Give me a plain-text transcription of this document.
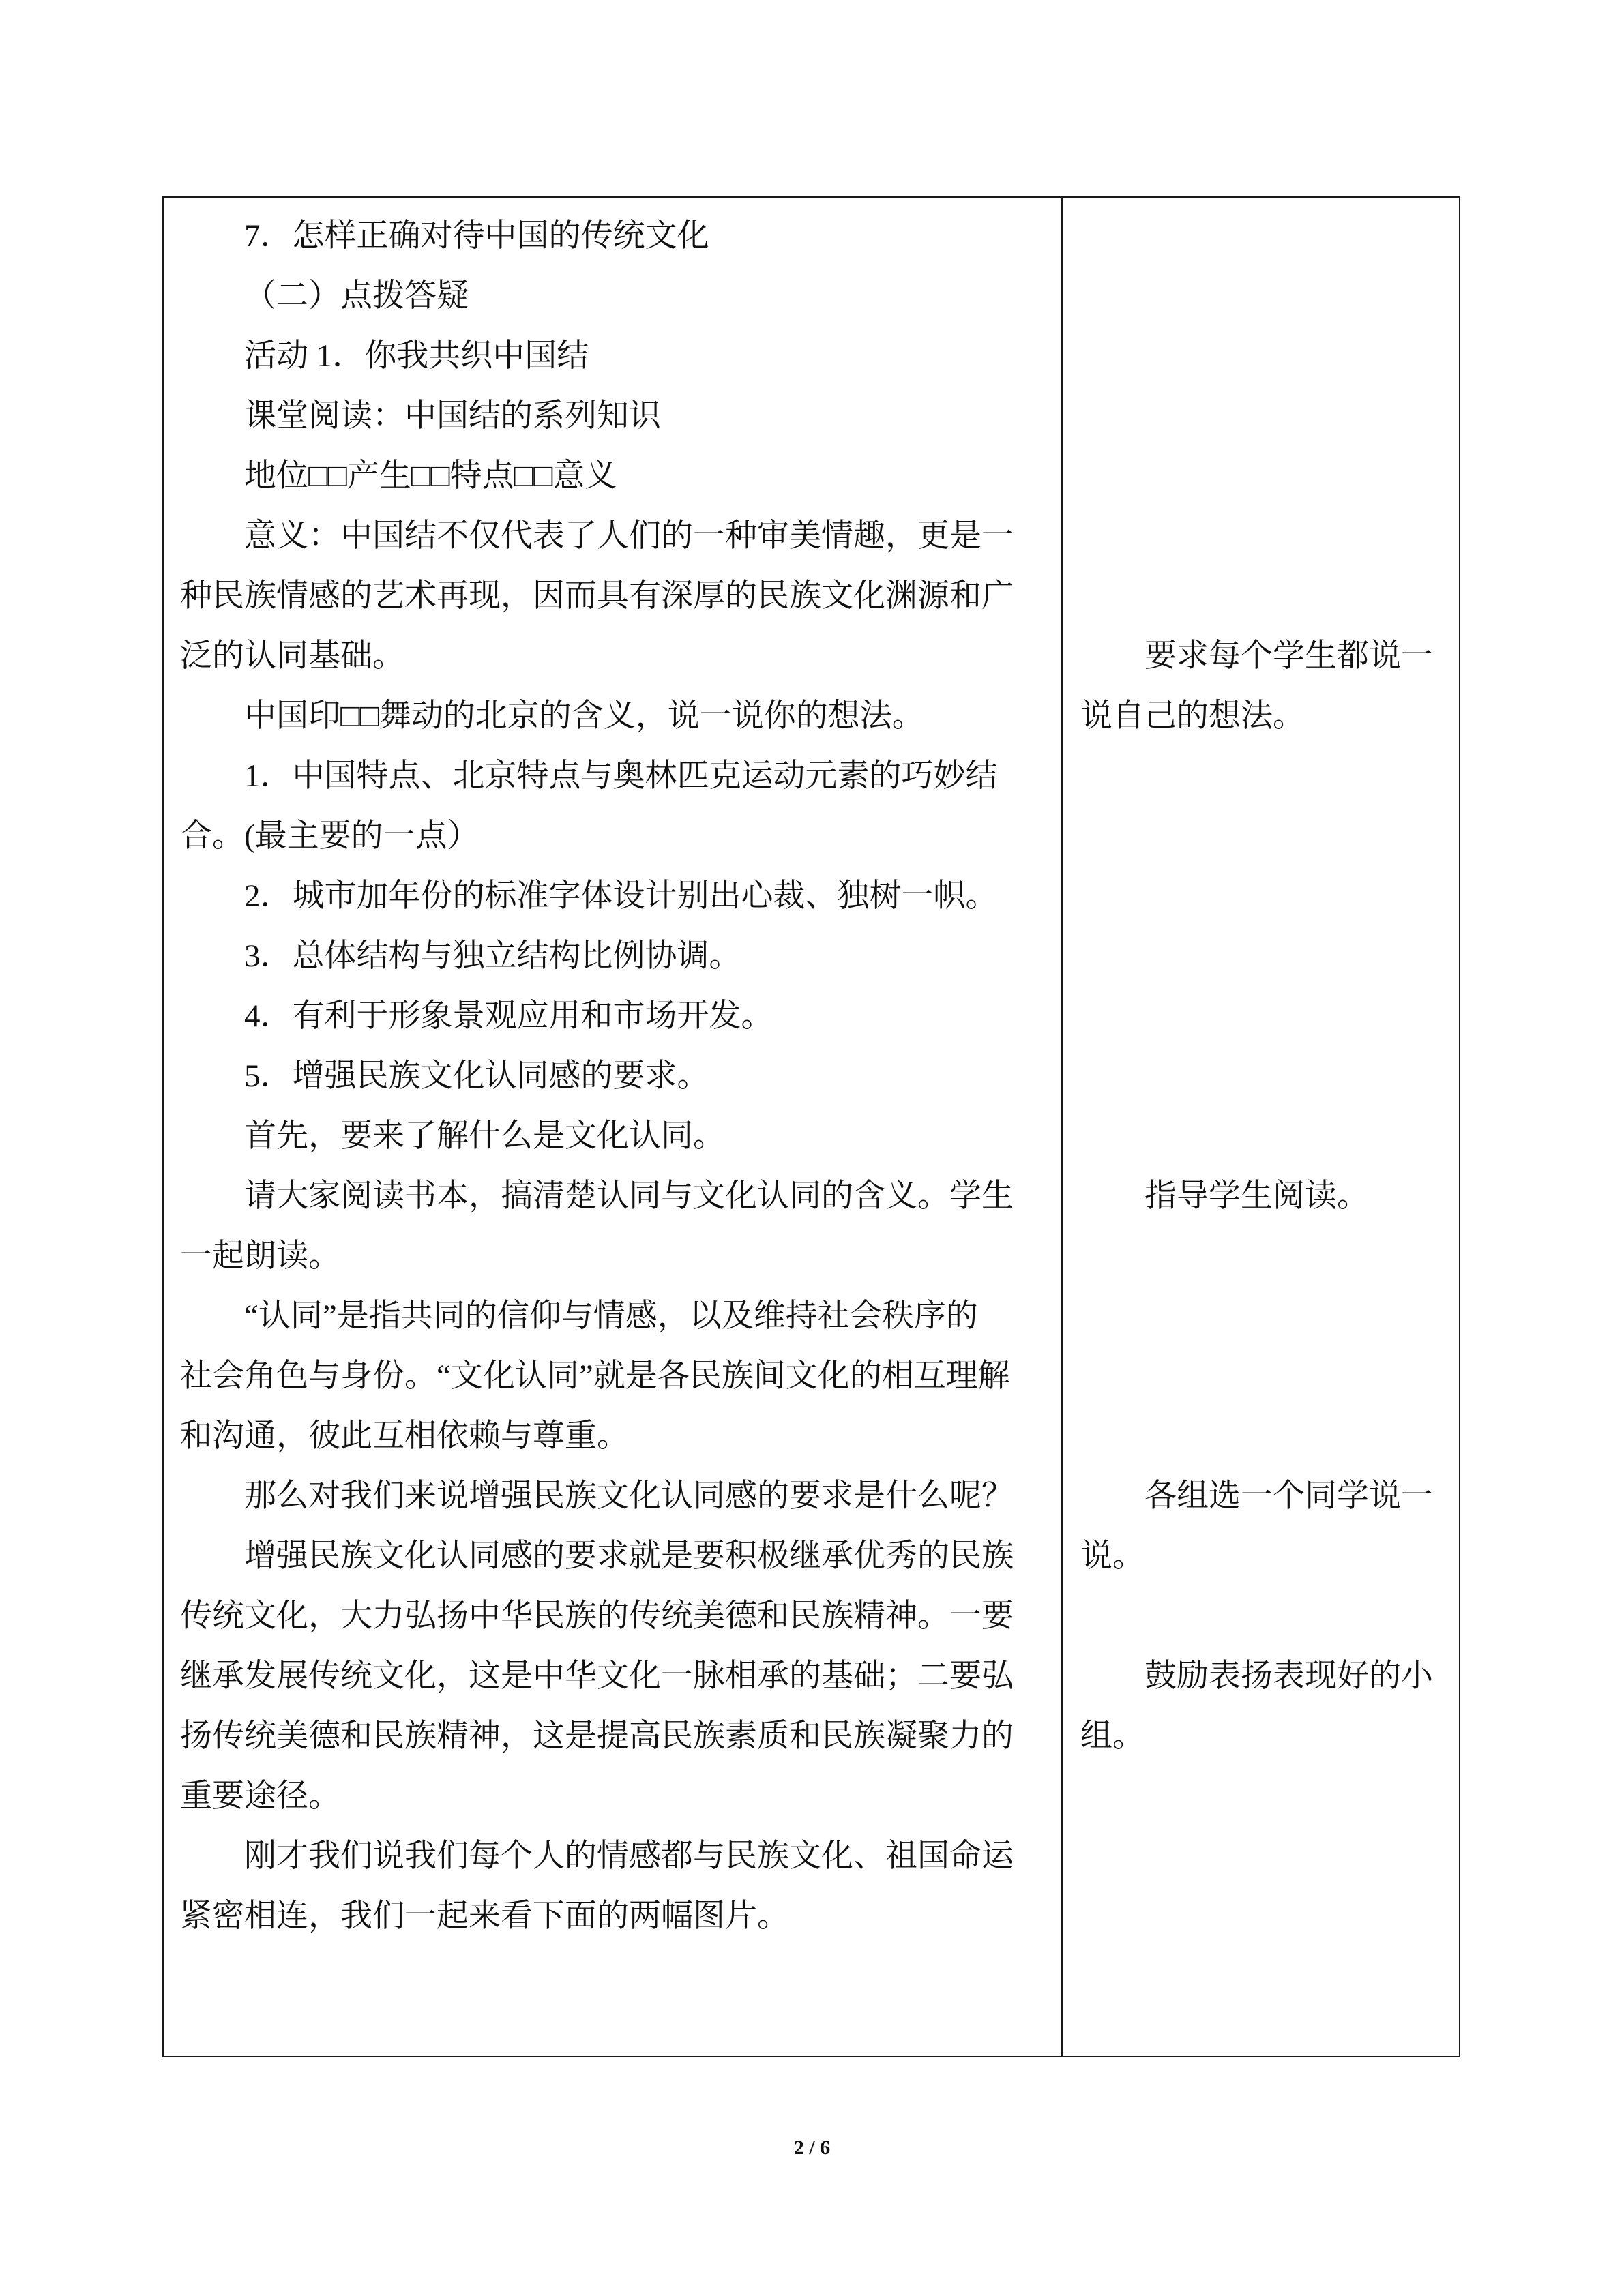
7．怎样正确对待中国的传统文化
（二）点拨答疑
活动 1．你我共织中国结
课堂阅读：中国结的系列知识
地位□□产生□□特点□□意义
意义：中国结不仅代表了人们的一种审美情趣，更是一
种民族情感的艺术再现，因而具有深厚的民族文化渊源和广
泛的认同基础。
中国印□□舞动的北京的含义，说一说你的想法。
1．中国特点、北京特点与奥林匹克运动元素的巧妙结
合。(最主要的一点）
2．城市加年份的标准字体设计别出心裁、独树一帜。
3．总体结构与独立结构比例协调。
4．有利于形象景观应用和市场开发。
5．增强民族文化认同感的要求。
首先，要来了解什么是文化认同。
请大家阅读书本，搞清楚认同与文化认同的含义。学生
一起朗读。
“认同”是指共同的信仰与情感，以及维持社会秩序的
社会角色与身份。“文化认同”就是各民族间文化的相互理解
和沟通，彼此互相依赖与尊重。
那么对我们来说增强民族文化认同感的要求是什么呢？
增强民族文化认同感的要求就是要积极继承优秀的民族
传统文化，大力弘扬中华民族的传统美德和民族精神。一要
继承发展传统文化，这是中华文化一脉相承的基础；二要弘
扬传统美德和民族精神，这是提高民族素质和民族凝聚力的
重要途径。
刚才我们说我们每个人的情感都与民族文化、祖国命运
紧密相连，我们一起来看下面的两幅图片。
要求每个学生都说一
说自己的想法。
指导学生阅读。
各组选一个同学说一
说。
鼓励表扬表现好的小
组。
2 / 6
